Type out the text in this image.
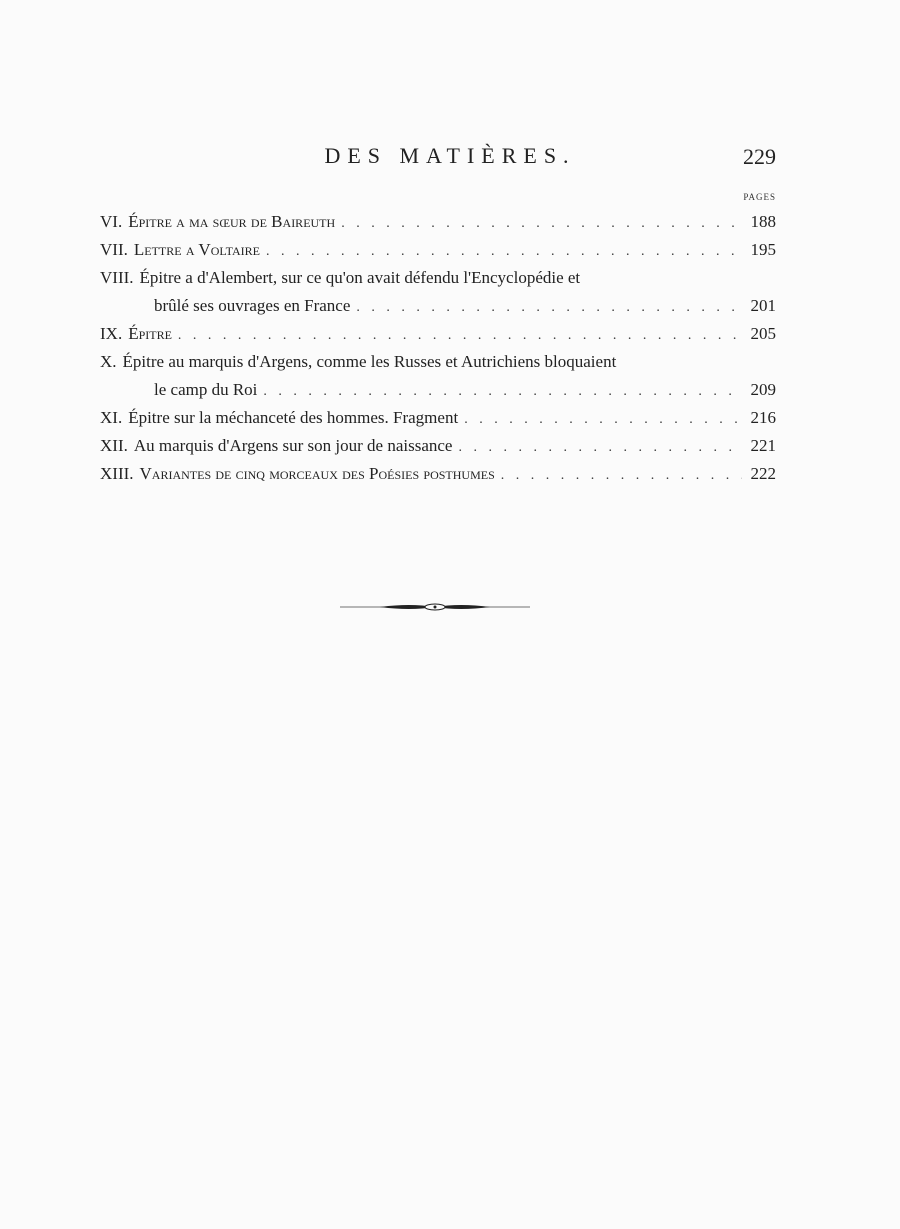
DES MATIÈRES.	229
PAGES
VI. Épitre a ma sœur de Baireuth . . .	188
VII. Lettre a Voltaire . . .	195
VIII. Épitre a d'Alembert, sur ce qu'on avait défendu l'Encyclopédie et
brûlé ses ouvrages en France . . .	201
IX. Épitre . . .	205
X. Épitre au marquis d'Argens, comme les Russes et Autrichiens bloquaient
le camp du Roi . . .	209
XI. Épitre sur la méchanceté des hommes. Fragment . . .	216
XII. Au marquis d'Argens sur son jour de naissance . . .	221
XIII. Variantes de cinq morceaux des Poésies posthumes . . .	222
